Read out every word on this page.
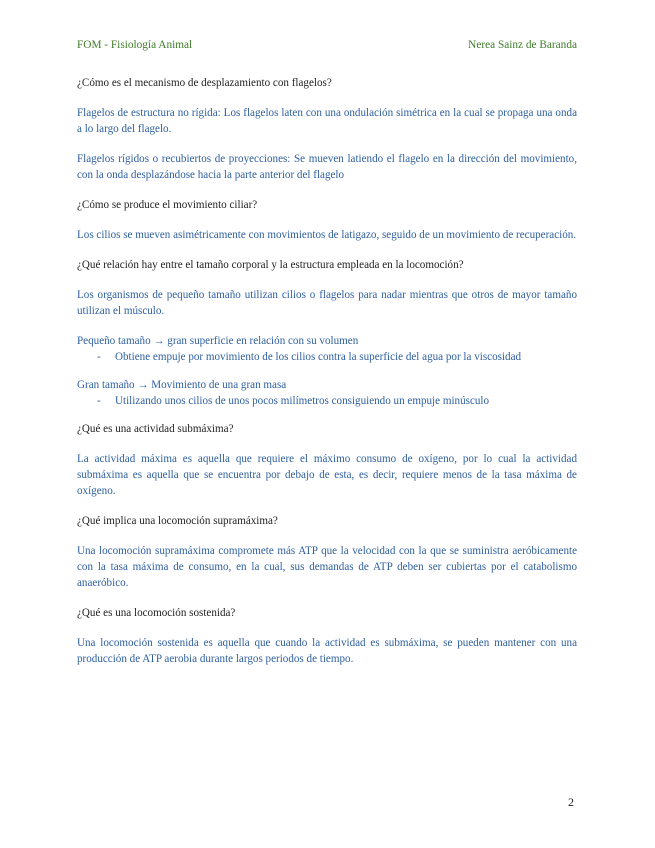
FOM - Fisiología Animal	Nerea Sainz de Baranda

¿Cómo es el mecanismo de desplazamiento con flagelos?

Flagelos de estructura no rígida: Los flagelos laten con una ondulación simétrica en la cual se propaga una onda a lo largo del flagelo.

Flagelos rígidos o recubiertos de proyecciones: Se mueven latiendo el flagelo en la dirección del movimiento, con la onda desplazándose hacia la parte anterior del flagelo

¿Cómo se produce el movimiento ciliar?

Los cilios se mueven asimétricamente con movimientos de latigazo, seguido de un movimiento de recuperación.

¿Qué relación hay entre el tamaño corporal y la estructura empleada en la locomoción?

Los organismos de pequeño tamaño utilizan cilios o flagelos para nadar mientras que otros de mayor tamaño utilizan el músculo.

Pequeño tamaño → gran superficie en relación con su volumen

- Obtiene empuje por movimiento de los cilios contra la superficie del agua por la viscosidad

Gran tamaño → Movimiento de una gran masa

- Utilizando unos cilios de unos pocos milímetros consiguiendo un empuje minúsculo

¿Qué es una actividad submáxima?

La actividad máxima es aquella que requiere el máximo consumo de oxígeno, por lo cual la actividad submáxima es aquella que se encuentra por debajo de esta, es decir, requiere menos de la tasa máxima de oxígeno.

¿Qué implica una locomoción supramáxima?

Una locomoción supramáxima compromete más ATP que la velocidad con la que se suministra aeróbicamente con la tasa máxima de consumo, en la cual, sus demandas de ATP deben ser cubiertas por el catabolismo anaeróbico.

¿Qué es una locomoción sostenida?

Una locomoción sostenida es aquella que cuando la actividad es submáxima, se pueden mantener con una producción de ATP aerobia durante largos periodos de tiempo.

2
